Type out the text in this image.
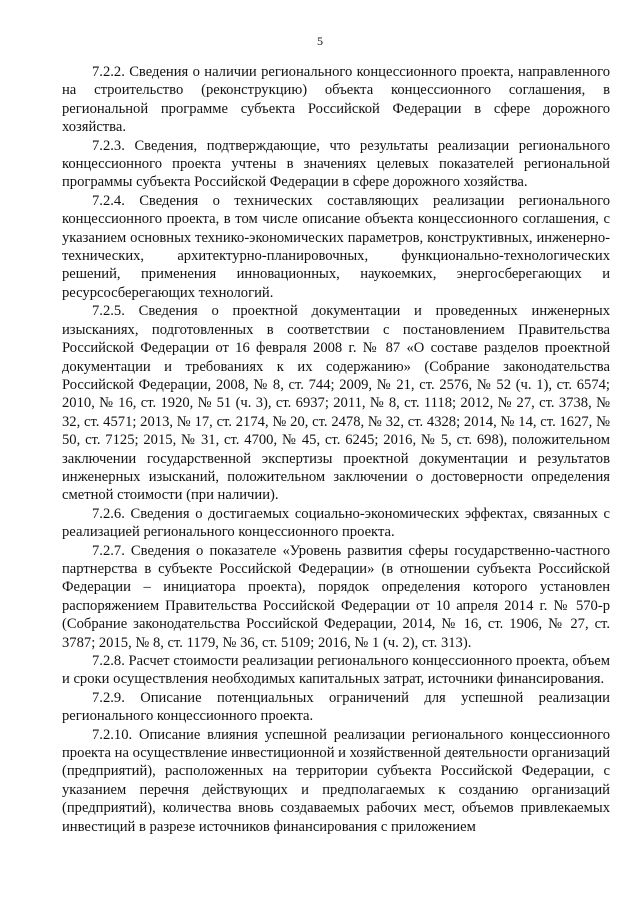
5

7.2.2. Сведения о наличии регионального концессионного проекта, направленного на строительство (реконструкцию) объекта концессионного соглашения, в региональной программе субъекта Российской Федерации в сфере дорожного хозяйства.

7.2.3. Сведения, подтверждающие, что результаты реализации регионального концессионного проекта учтены в значениях целевых показателей региональной программы субъекта Российской Федерации в сфере дорожного хозяйства.

7.2.4. Сведения о технических составляющих реализации регионального концессионного проекта, в том числе описание объекта концессионного соглашения, с указанием основных технико-экономических параметров, конструктивных, инженерно-технических, архитектурно-планировочных, функционально-технологических решений, применения инновационных, наукоемких, энергосберегающих и ресурсосберегающих технологий.

7.2.5. Сведения о проектной документации и проведенных инженерных изысканиях, подготовленных в соответствии с постановлением Правительства Российской Федерации от 16 февраля 2008 г. № 87 «О составе разделов проектной документации и требованиях к их содержанию» (Собрание законодательства Российской Федерации, 2008, № 8, ст. 744; 2009, № 21, ст. 2576, № 52 (ч. 1), ст. 6574; 2010, № 16, ст. 1920, № 51 (ч. 3), ст. 6937; 2011, № 8, ст. 1118; 2012, № 27, ст. 3738, № 32, ст. 4571; 2013, № 17, ст. 2174, № 20, ст. 2478, № 32, ст. 4328; 2014, № 14, ст. 1627, № 50, ст. 7125; 2015, № 31, ст. 4700, № 45, ст. 6245; 2016, № 5, ст. 698), положительном заключении государственной экспертизы проектной документации и результатов инженерных изысканий, положительном заключении о достоверности определения сметной стоимости (при наличии).

7.2.6. Сведения о достигаемых социально-экономических эффектах, связанных с реализацией регионального концессионного проекта.

7.2.7. Сведения о показателе «Уровень развития сферы государственно-частного партнерства в субъекте Российской Федерации» (в отношении субъекта Российской Федерации – инициатора проекта), порядок определения которого установлен распоряжением Правительства Российской Федерации от 10 апреля 2014 г. № 570-р (Собрание законодательства Российской Федерации, 2014, № 16, ст. 1906, № 27, ст. 3787; 2015, № 8, ст. 1179, № 36, ст. 5109; 2016, № 1 (ч. 2), ст. 313).

7.2.8. Расчет стоимости реализации регионального концессионного проекта, объем и сроки осуществления необходимых капитальных затрат, источники финансирования.

7.2.9. Описание потенциальных ограничений для успешной реализации регионального концессионного проекта.

7.2.10. Описание влияния успешной реализации регионального концессионного проекта на осуществление инвестиционной и хозяйственной деятельности организаций (предприятий), расположенных на территории субъекта Российской Федерации, с указанием перечня действующих и предполагаемых к созданию организаций (предприятий), количества вновь создаваемых рабочих мест, объемов привлекаемых инвестиций в разрезе источников финансирования с приложением
